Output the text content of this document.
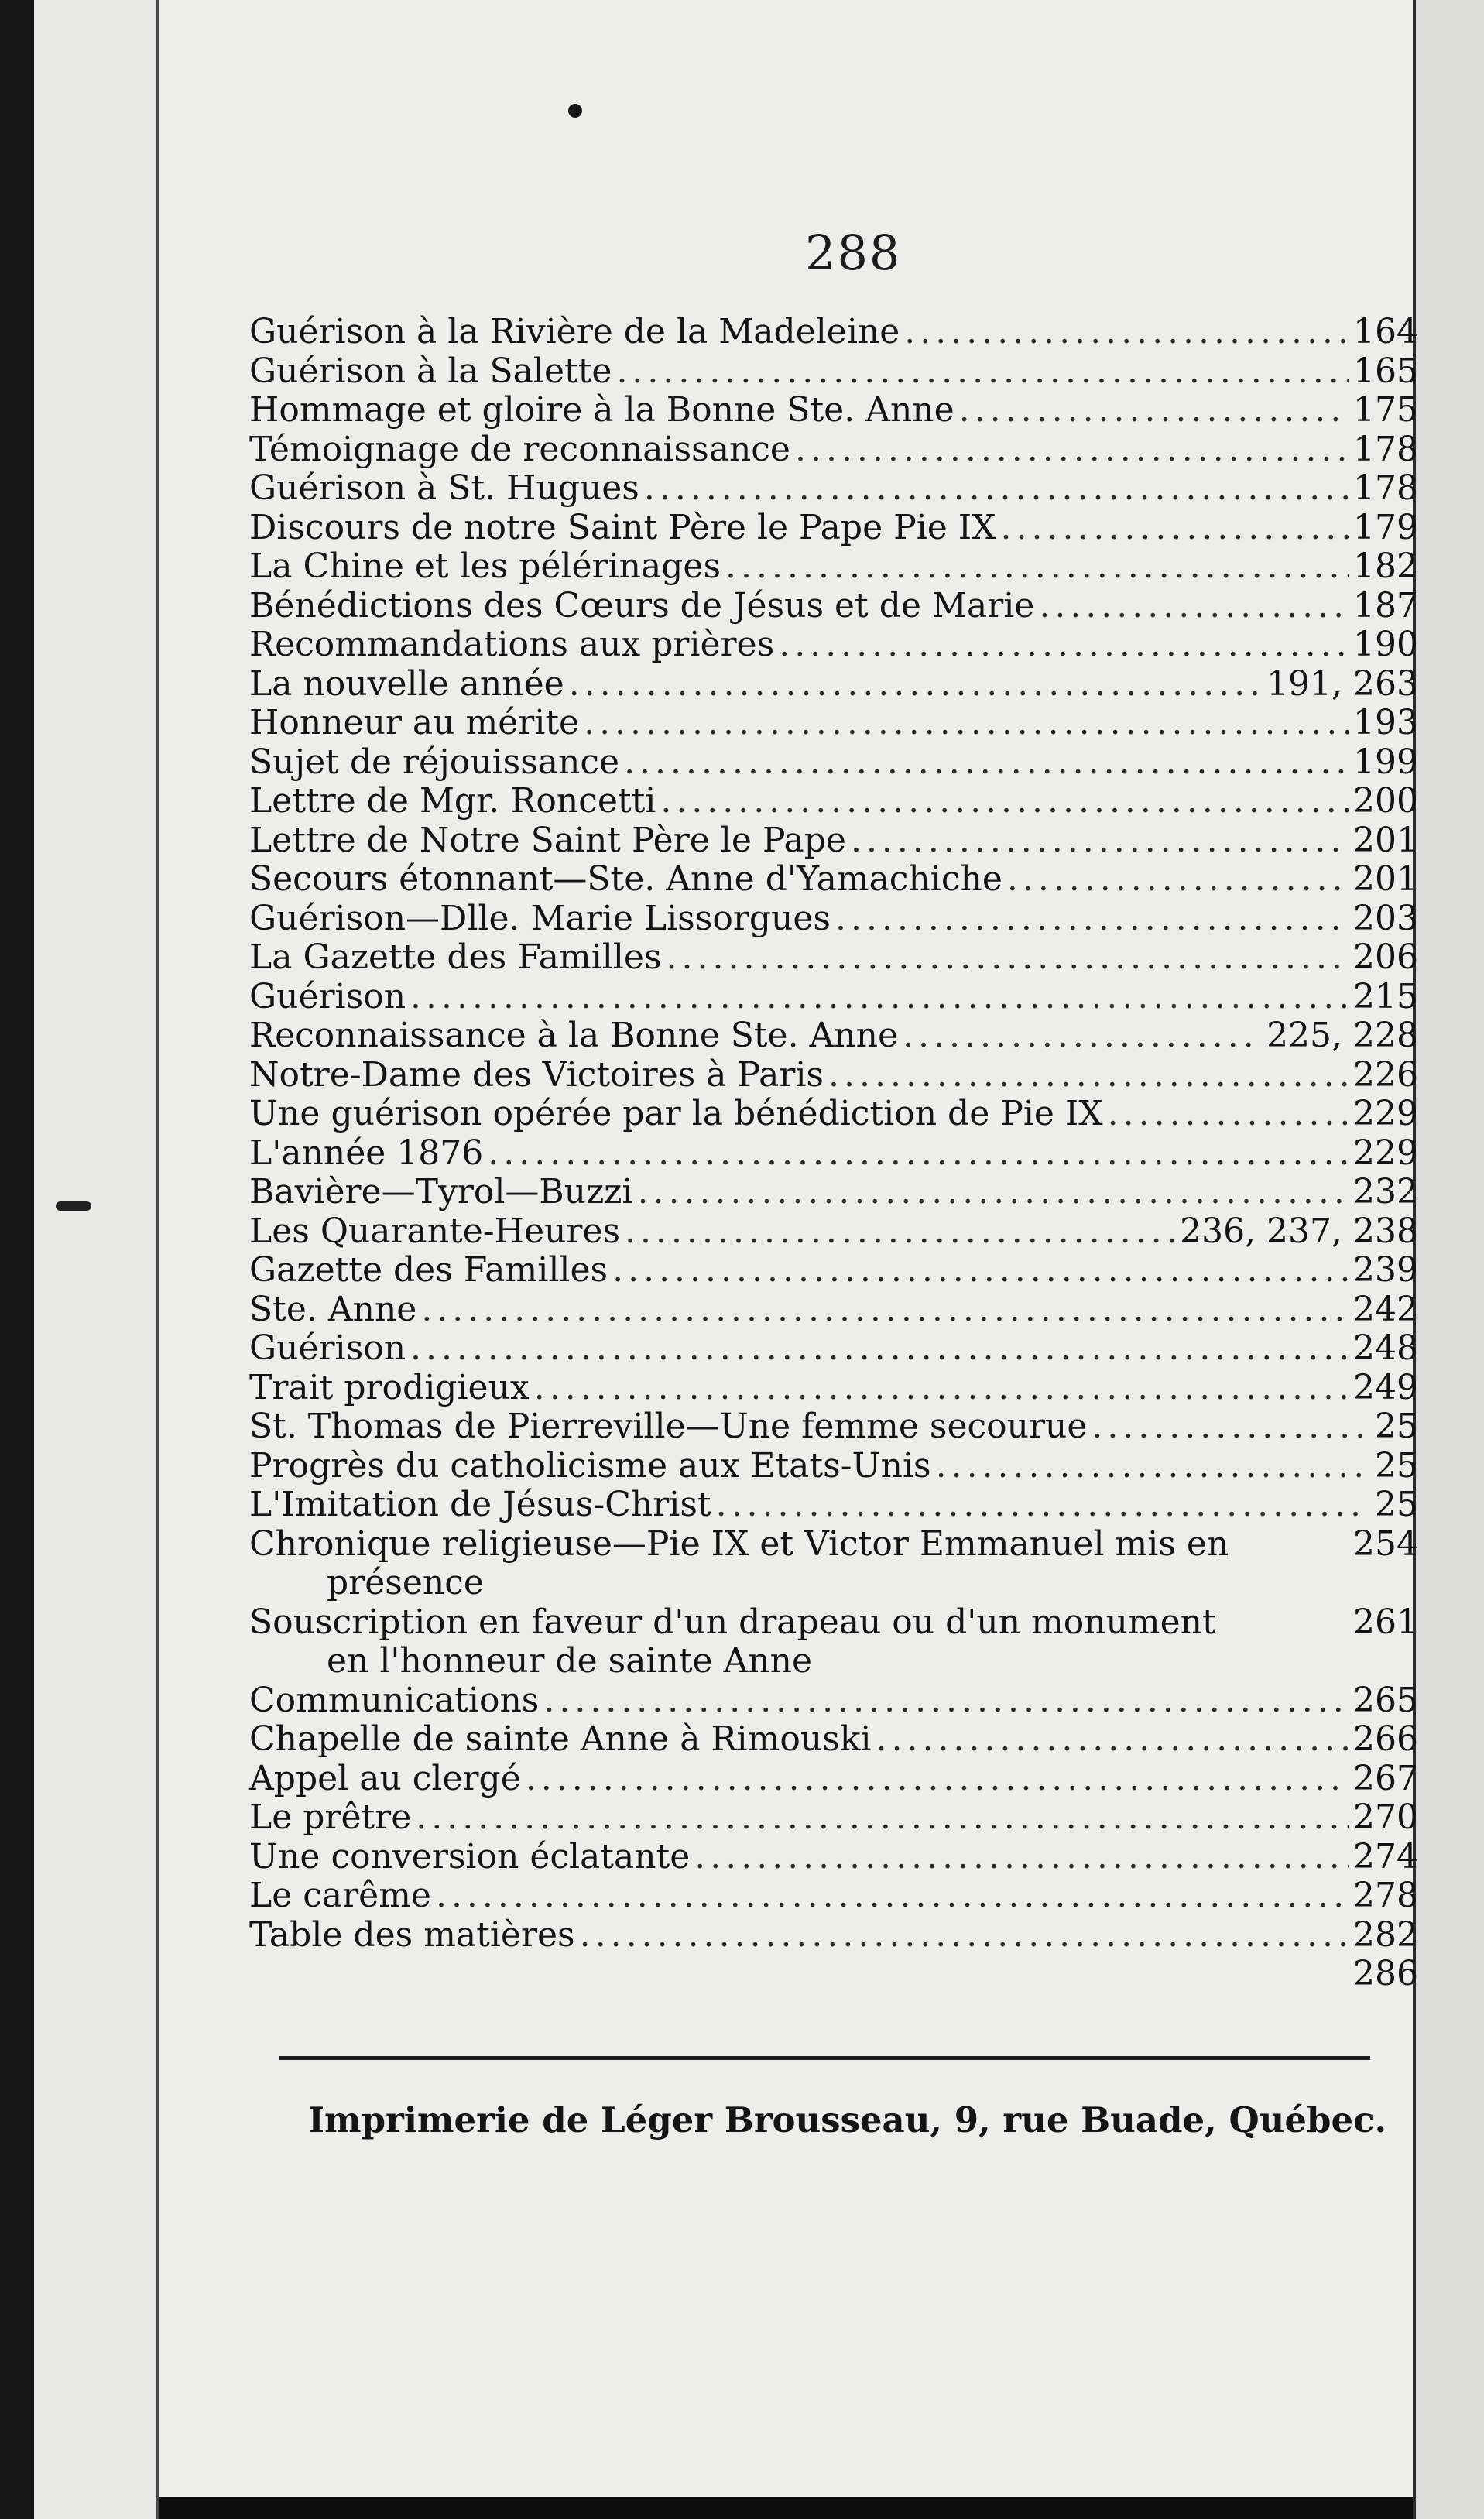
288
Guérison à la Rivière de la Madeleine .....	164
Guérison à la Salette .....	165
Hommage et gloire à la Bonne Ste. Anne .....	175
Témoignage de reconnaissance .....	178
Guérison à St. Hugues .....	178
Discours de notre Saint Père le Pape Pie IX .....	179
La Chine et les pélérinages .....	182
Bénédictions des Cœurs de Jésus et de Marie .....	187
Recommandations aux prières .....	190
La nouvelle année .....	191, 263
Honneur au mérite .....	193
Sujet de réjouissance .....	199
Lettre de Mgr. Roncetti .....	200
Lettre de Notre Saint Père le Pape .....	201
Secours étonnant—Ste. Anne d'Yamachiche .....	201
Guérison—Dlle. Marie Lissorgues .....	203
La Gazette des Familles .....	206
Guérison .....	215
Reconnaissance à la Bonne Ste. Anne .....	225, 228
Notre-Dame des Victoires à Paris .....	226
Une guérison opérée par la bénédiction de Pie IX .....	229
L'année 1876 .....	229
Bavière—Tyrol—Buzzi .....	232
Les Quarante-Heures .....	236, 237, 238
Gazette des Familles .....	239
Ste. Anne .....	242
Guérison .....	248
Trait prodigieux .....	249
St. Thomas de Pierreville—Une femme secourue .....	25
Progrès du catholicisme aux Etats-Unis .....	25
L'Imitation de Jésus-Christ .....	25
Chronique religieuse—Pie IX et Victor Emmanuel mis en	254
présence
Souscription en faveur d'un drapeau ou d'un monument	261
en l'honneur de sainte Anne
Communications .....	265
Chapelle de sainte Anne à Rimouski .....	266
Appel au clergé .....	267
Le prêtre .....	270
Une conversion éclatante .....	274
Le carême .....	278
Table des matières .....	282
286
Imprimerie de Léger Brousseau, 9, rue Buade, Québec.
